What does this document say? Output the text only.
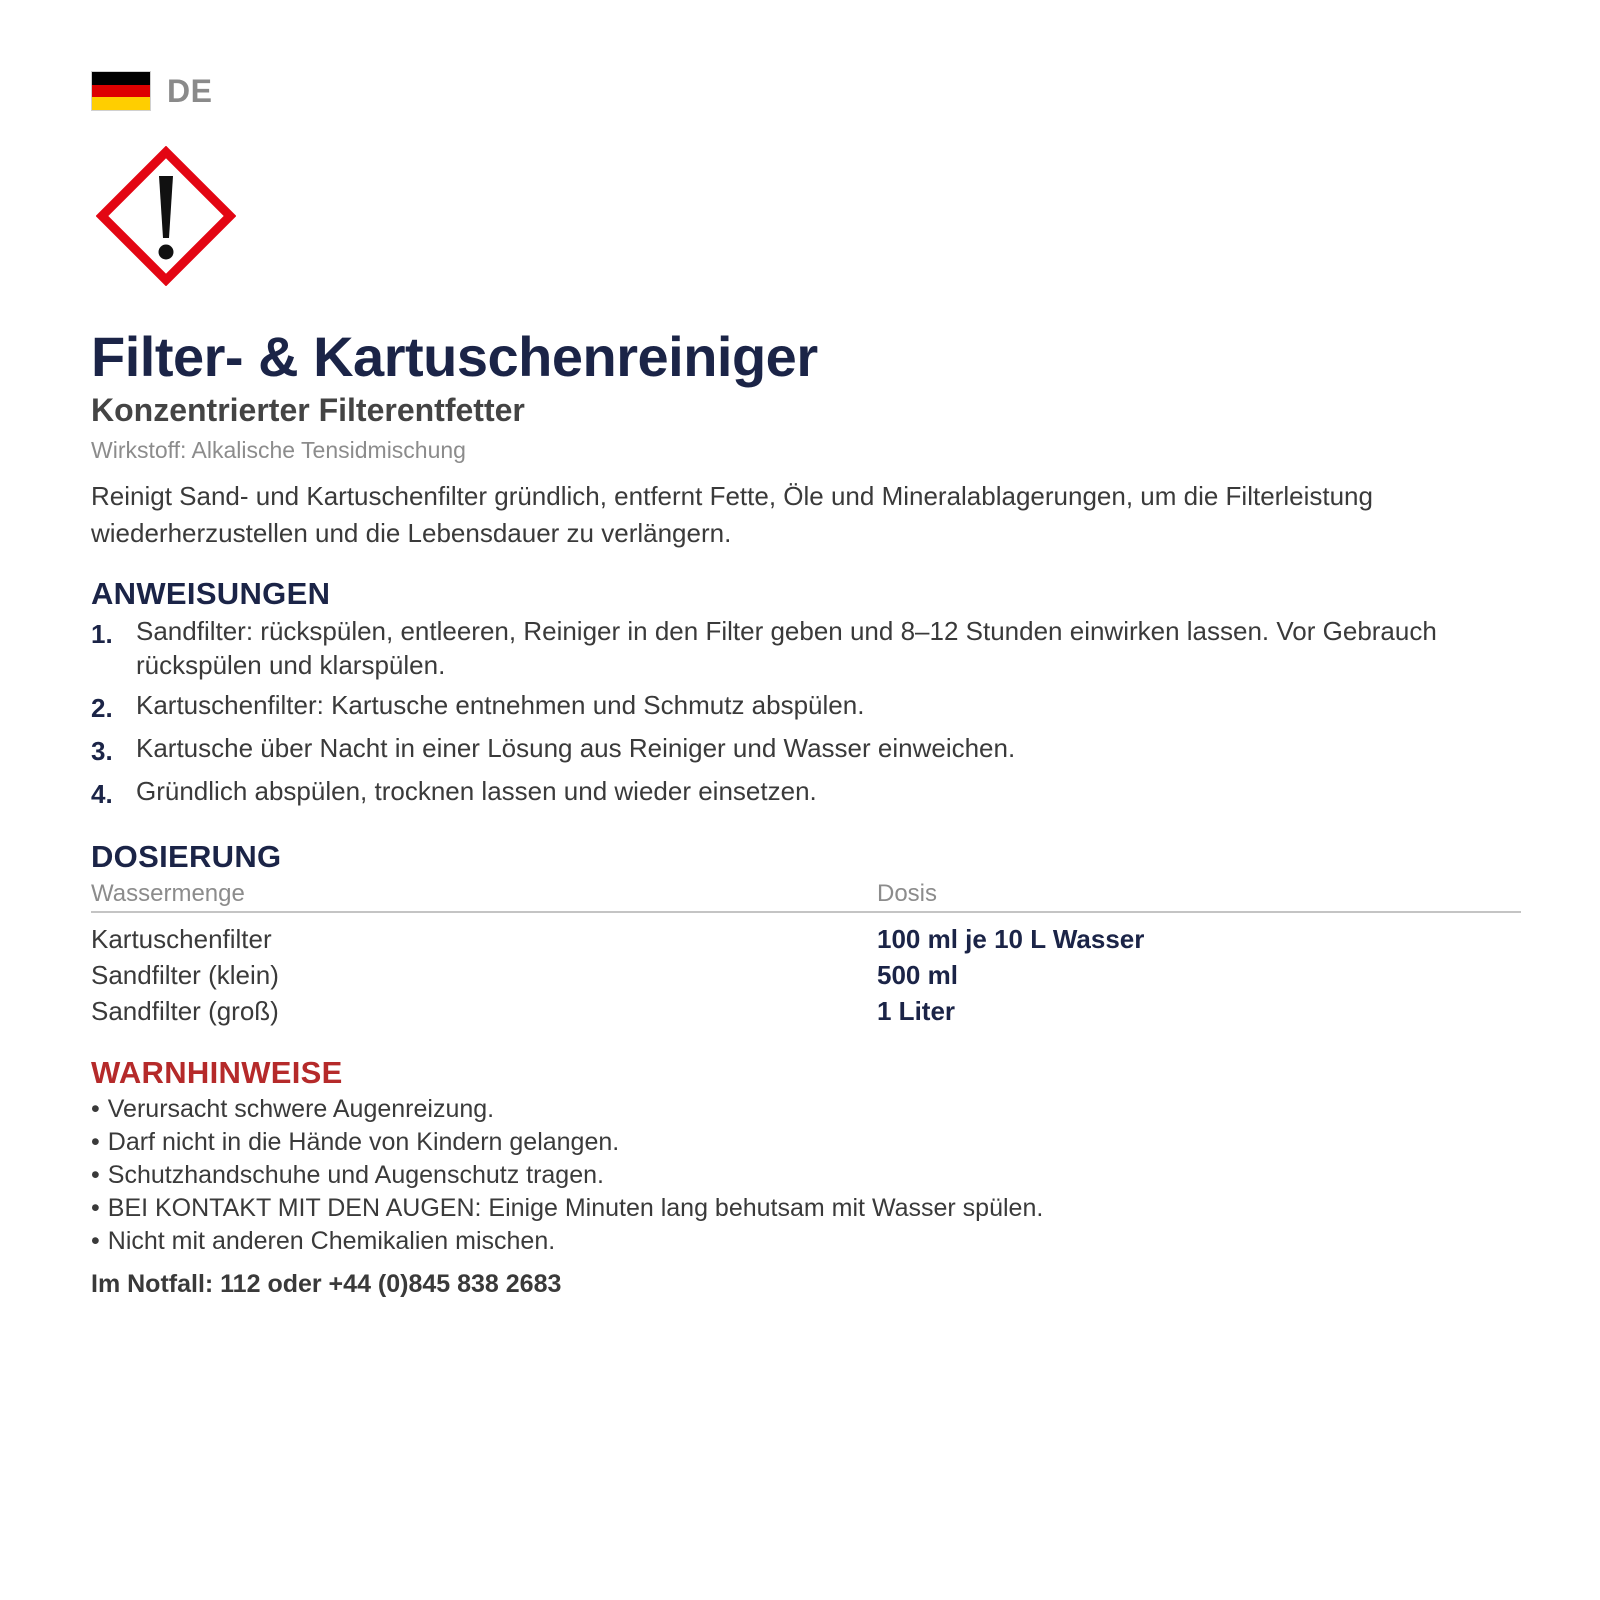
DE
Filter- & Kartuschenreiniger

Konzentrierter Filterentfetter

Wirkstoff: Alkalische Tensidmischung

Reinigt Sand- und Kartuschenfilter gründlich, entfernt Fette, Öle und Mineralablagerungen, um die Filterleistung wiederherzustellen und die Lebensdauer zu verlängern.

ANWEISUNGEN
1. Sandfilter: rückspülen, entleeren, Reiniger in den Filter geben und 8–12 Stunden einwirken lassen. Vor Gebrauch rückspülen und klarspülen.
2. Kartuschenfilter: Kartusche entnehmen und Schmutz abspülen.
3. Kartusche über Nacht in einer Lösung aus Reiniger und Wasser einweichen.
4. Gründlich abspülen, trocknen lassen und wieder einsetzen.
DOSIERUNG
Wassermenge	Dosis
Kartuschenfilter	100 ml je 10 L Wasser
Sandfilter (klein)	500 ml
Sandfilter (groß)	1 Liter
WARNHINWEISE
• Verursacht schwere Augenreizung.
• Darf nicht in die Hände von Kindern gelangen.
• Schutzhandschuhe und Augenschutz tragen.
• BEI KONTAKT MIT DEN AUGEN: Einige Minuten lang behutsam mit Wasser spülen.
• Nicht mit anderen Chemikalien mischen.
Im Notfall: 112 oder +44 (0)845 838 2683
